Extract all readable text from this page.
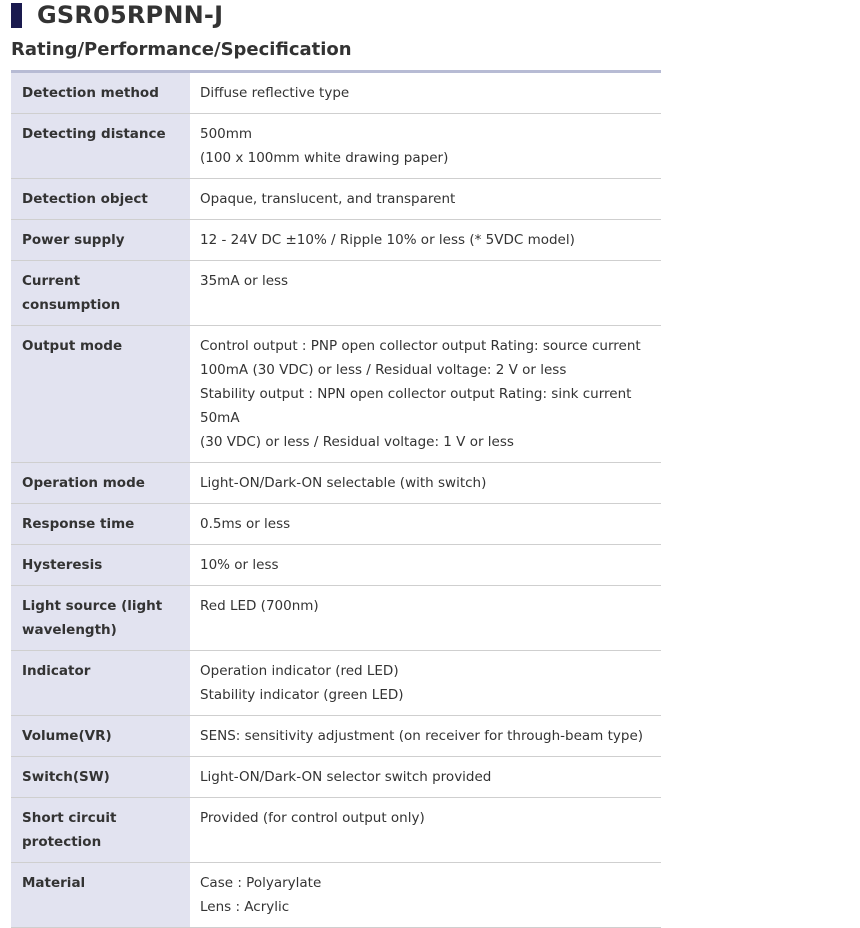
GSR05RPNN-J
Rating/Performance/Specification
Detection method	Diffuse reflective type

Detecting distance	500mm
(100 x 100mm white drawing paper)

Detection object	Opaque, translucent, and transparent

Power supply	12 - 24V DC ±10% / Ripple 10% or less (* 5VDC model)

Current consumption	35mA or less

Output mode	Control output : PNP open collector output Rating: source current
100mA (30 VDC) or less / Residual voltage: 2 V or less
Stability output : NPN open collector output Rating: sink current 50mA
(30 VDC) or less / Residual voltage: 1 V or less

Operation mode	Light-ON/Dark-ON selectable (with switch)

Response time	0.5ms or less

Hysteresis	10% or less

Light source (light wavelength)	Red LED (700nm)

Indicator	Operation indicator (red LED)
Stability indicator (green LED)

Volume(VR)	SENS: sensitivity adjustment (on receiver for through-beam type)

Switch(SW)	Light-ON/Dark-ON selector switch provided

Short circuit protection	Provided (for control output only)

Material	Case : Polyarylate
Lens : Acrylic
